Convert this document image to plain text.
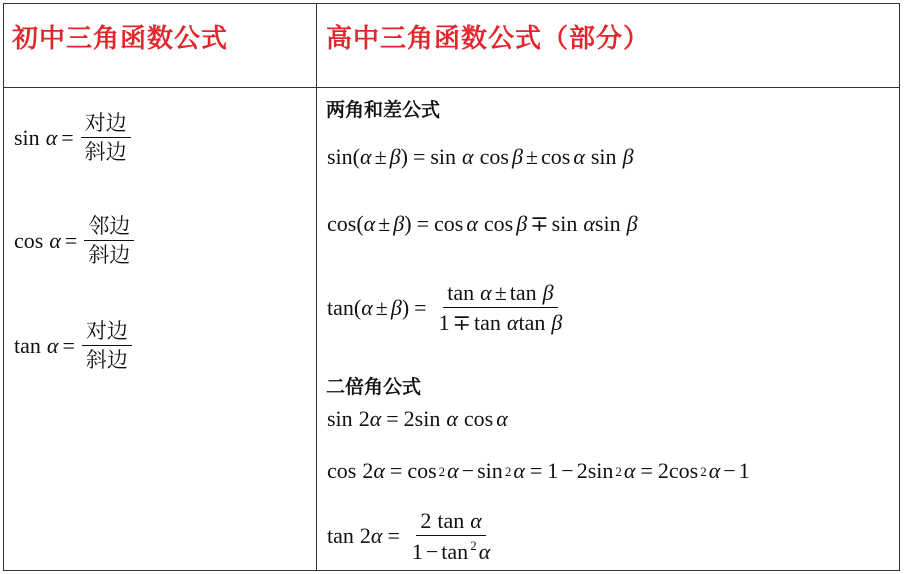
初中三角函数公式	高中三角函数公式（部分）
$\sin \alpha = \frac{\text{对边}}{\text{斜边}}$
$\cos \alpha = \frac{\text{邻边}}{\text{斜边}}$
$\tan \alpha = \frac{\text{对边}}{\text{斜边}}$
两角和差公式
sin( α ± β ) = sin α cos β ± cos α sin β
cos( α ± β ) = cos α cos β ∓ sin α sin β
tan( α ± β ) = $\frac{\text{tan α ± tan β}}{\text{1 ∓ tan αtan β}}$
二倍角公式
sin 2 α = 2sin α cos α
cos 2 α = cos 2 α − sin 2 α = 1 − 2sin 2 α = 2cos 2 α − 1
tan 2 $\alpha = \frac{\text{2 tan α}}{1 - \tan ^2\alpha}$
